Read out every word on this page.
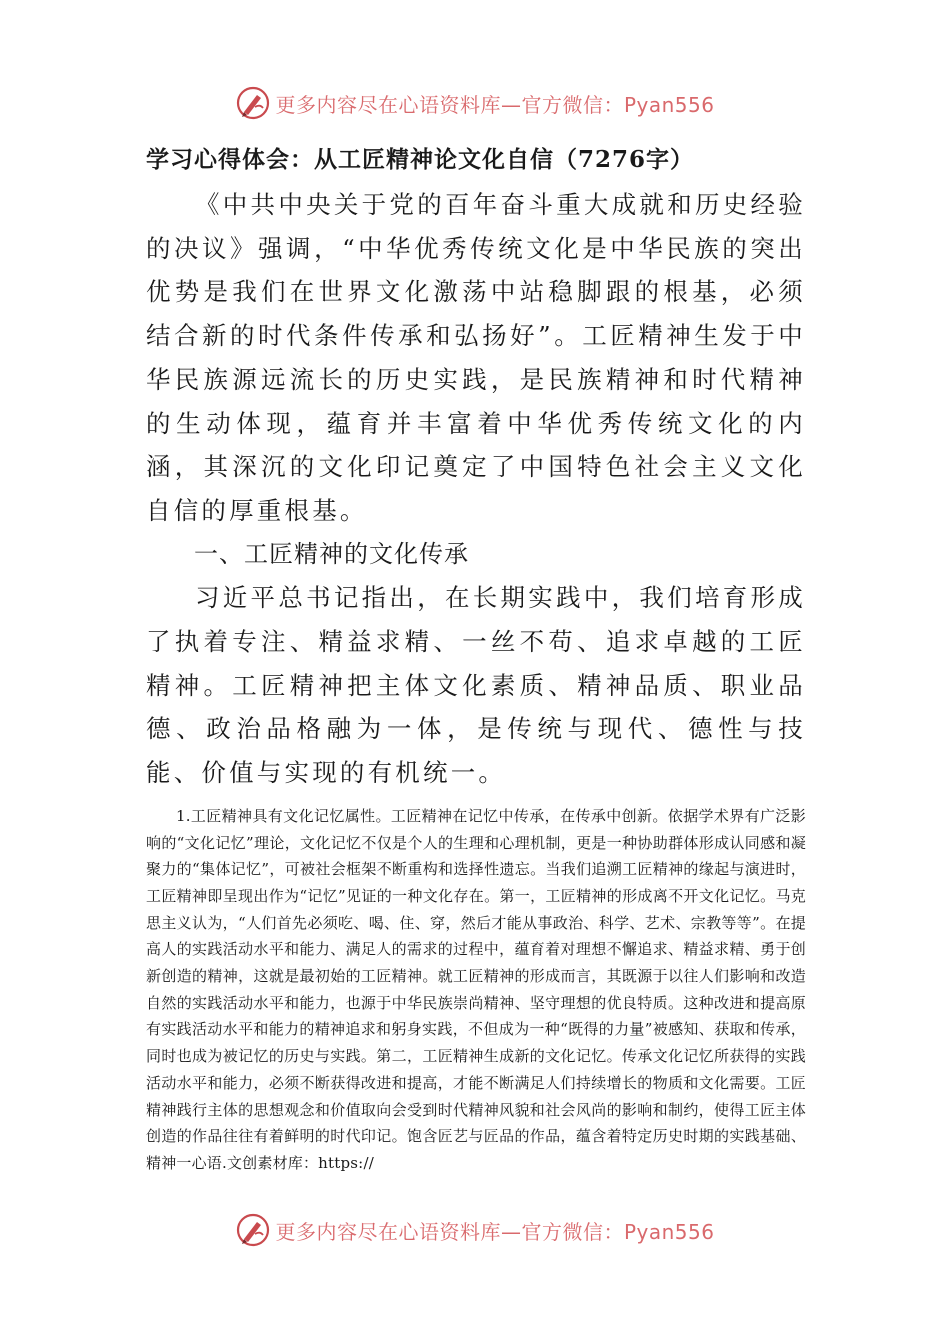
更多内容尽在心语资料库—官方微信：Pyan556
学习心得体会：从工匠精神论文化自信（7276字）

《中共中央关于党的百年奋斗重大成就和历史经验的决议》强调，“中华优秀传统文化是中华民族的突出优势是我们在世界文化激荡中站稳脚跟的根基，必须结合新的时代条件传承和弘扬好”。工匠精神生发于中华民族源远流长的历史实践，是民族精神和时代精神的生动体现，蕴育并丰富着中华优秀传统文化的内涵，其深沉的文化印记奠定了中国特色社会主义文化自信的厚重根基。

一、工匠精神的文化传承

习近平总书记指出，在长期实践中，我们培育形成了执着专注、精益求精、一丝不苟、追求卓越的工匠精神。工匠精神把主体文化素质、精神品质、职业品德、政治品格融为一体，是传统与现代、德性与技能、价值与实现的有机统一。

1.工匠精神具有文化记忆属性。工匠精神在记忆中传承，在传承中创新。依据学术界有广泛影响的“文化记忆”理论，文化记忆不仅是个人的生理和心理机制，更是一种协助群体形成认同感和凝聚力的“集体记忆”，可被社会框架不断重构和选择性遗忘。当我们追溯工匠精神的缘起与演进时，工匠精神即呈现出作为“记忆”见证的一种文化存在。第一，工匠精神的形成离不开文化记忆。马克思主义认为，“人们首先必须吃、喝、住、穿，然后才能从事政治、科学、艺术、宗教等等”。在提高人的实践活动水平和能力、满足人的需求的过程中，蕴育着对理想不懈追求、精益求精、勇于创新创造的精神，这就是最初始的工匠精神。就工匠精神的形成而言，其既源于以往人们影响和改造自然的实践活动水平和能力，也源于中华民族崇尚精神、坚守理想的优良特质。这种改进和提高原有实践活动水平和能力的精神追求和躬身实践，不但成为一种“既得的力量”被感知、获取和传承，同时也成为被记忆的历史与实践。第二，工匠精神生成新的文化记忆。传承文化记忆所获得的实践活动水平和能力，必须不断获得改进和提高，才能不断满足人们持续增长的物质和文化需要。工匠精神践行主体的思想观念和价值取向会受到时代精神风貌和社会风尚的影响和制约，使得工匠主体创造的作品往往有着鲜明的时代印记。饱含匠艺与匠品的作品，蕴含着特定历史时期的实践基础、精神一心语.文创素材库：https://

更多内容尽在心语资料库—官方微信：Pyan556
